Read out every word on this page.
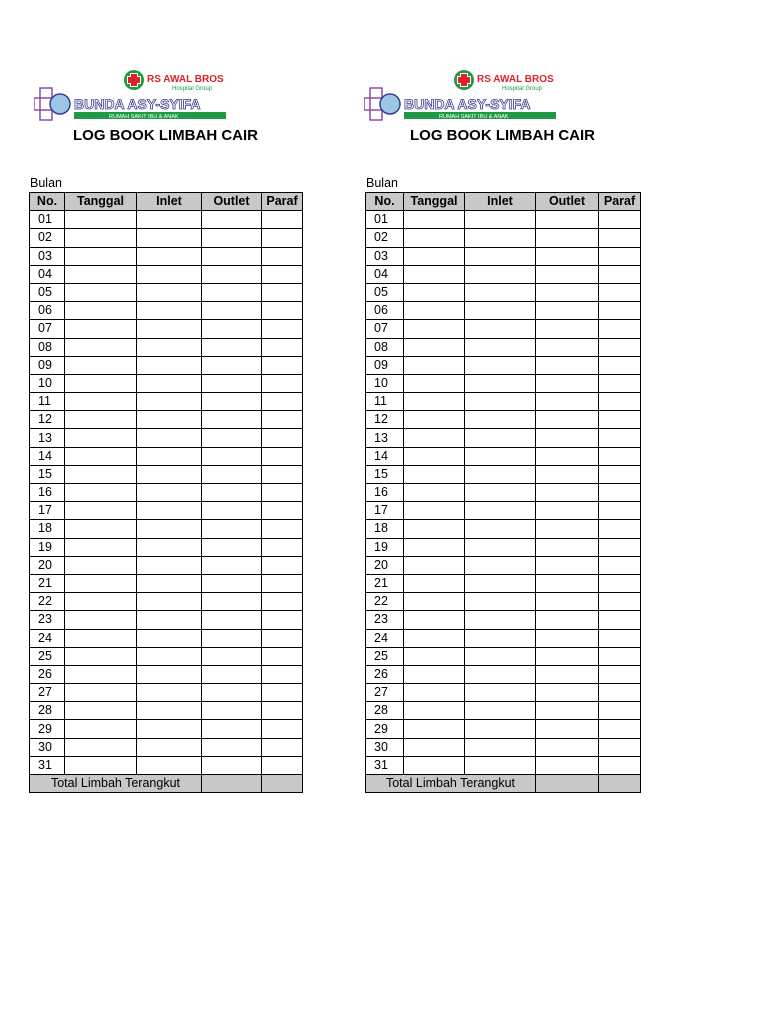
RS AWAL BROS
Hospital Group
BUNDA ASY-SYIFA
RUMAH SAKIT IBU & ANAK
LOG BOOK LIMBAH CAIR
Bulan
No.	Tanggal	Inlet	Outlet	Paraf
01				
02				
03				
04				
05				
06				
07				
08				
09				
10				
11				
12				
13				
14				
15				
16				
17				
18				
19				
20				
21				
22				
23				
24				
25				
26				
27				
28				
29				
30				
31				
Total Limbah Terangkut				
RS AWAL BROS
Hospital Group
BUNDA ASY-SYIFA
RUMAH SAKIT IBU & ANAK
LOG BOOK LIMBAH CAIR
Bulan
No.	Tanggal	Inlet	Outlet	Paraf
01				
02				
03				
04				
05				
06				
07				
08				
09				
10				
11				
12				
13				
14				
15				
16				
17				
18				
19				
20				
21				
22				
23				
24				
25				
26				
27				
28				
29				
30				
31				
Total Limbah Terangkut				
